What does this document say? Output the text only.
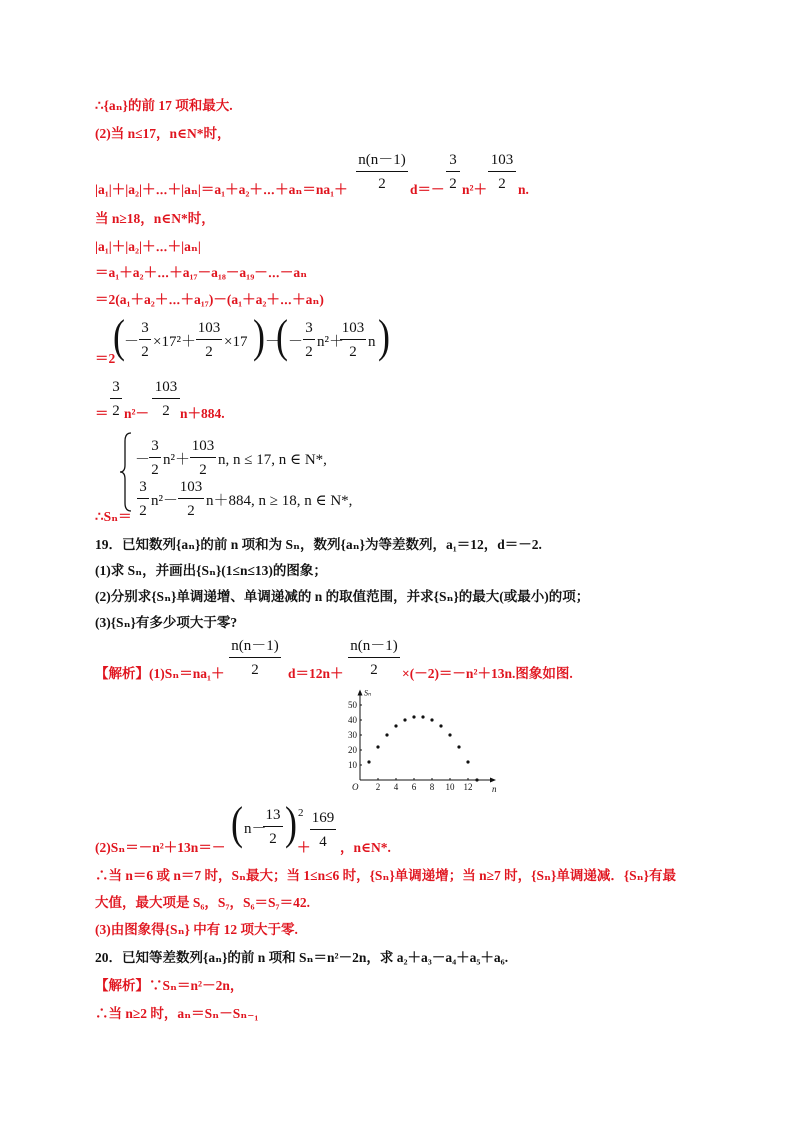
∴{aₙ}的前 17 项和最大.
(2)当 n≤17，n∈N*时，
|a₁|＋|a₂|＋⋯＋|aₙ|＝a₁＋a₂＋⋯＋aₙ＝na₁＋
n(n－1)
2	d＝－
3
2 n²＋
103
2 n.
当 n≥18，n∈N*时，
|a₁|＋|a₂|＋⋯＋|aₙ|
＝a₁＋a₂＋⋯＋a₁₇－a₁₈－a₁₉－⋯－aₙ
＝2(a₁＋a₂＋⋯＋a₁₇)－(a₁＋a₂＋⋯＋aₙ)
＝2
( －
3
2
×17²＋
103
2
×17 ) －
( －
3
2
n²＋
103
2
n )
3
2
103
2
＝ n²－ n＋884.
－
3
2
n²＋
103
2
n, n ≤ 17, n ∈ N*,
3
2
n²－
103
2
n＋884, n ≥ 18, n ∈ N*,
∴Sₙ＝
19．已知数列{aₙ}的前 n 项和为 Sₙ，数列{aₙ}为等差数列，a₁＝12，d＝－2.
(1)求 Sₙ，并画出{Sₙ}(1≤n≤13)的图象；
(2)分别求{Sₙ}单调递增、单调递减的 n 的取值范围，并求{Sₙ}的最大(或最小)的项；
(3){Sₙ}有多少项大于零?
【解析】(1)Sₙ＝na₁＋
n(n－1)
2	d＝12n＋
n(n－1)
2	×(－2)＝－n²＋13n.图象如图.
2 4 6 8 10 12
10
20
30
40
50
O	n
Sₙ
( n－
13
2 ) 2 169
4
(2)Sₙ＝－n²＋13n＝－	＋ ，n∈N*.
∴当 n＝6 或 n＝7 时，Sₙ最大；当 1≤n≤6 时，{Sₙ}单调递增；当 n≥7 时，{Sₙ}单调递减．{Sₙ}有最
大值，最大项是 S₆，S₇，S₆＝S₇＝42.
(3)由图象得{Sₙ} 中有 12 项大于零.
20．已知等差数列{aₙ}的前 n 项和 Sₙ＝n²－2n，求 a₂＋a₃－a₄＋a₅＋a₆.
【解析】∵Sₙ＝n²－2n，
∴当 n≥2 时，aₙ＝Sₙ－Sₙ₋₁
